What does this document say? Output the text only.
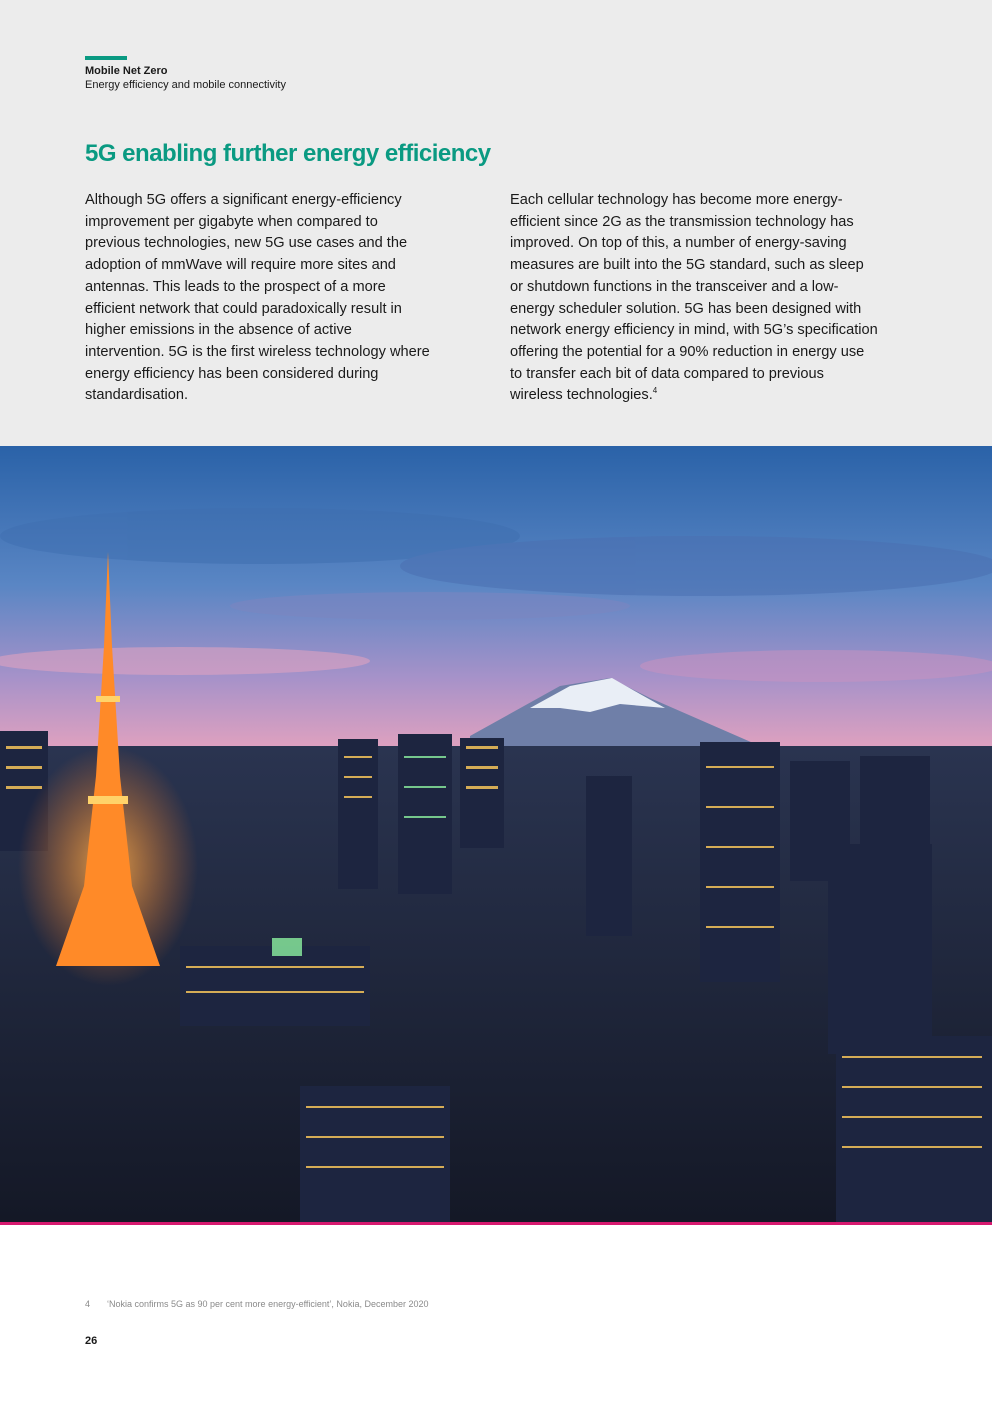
Mobile Net Zero
Energy efficiency and mobile connectivity
5G enabling further energy efficiency

Although 5G offers a significant energy-efficiency improvement per gigabyte when compared to previous technologies, new 5G use cases and the adoption of mmWave will require more sites and antennas. This leads to the prospect of a more efficient network that could paradoxically result in higher emissions in the absence of active intervention. 5G is the first wireless technology where energy efficiency has been considered during standardisation.

Each cellular technology has become more energy-efficient since 2G as the transmission technology has improved. On top of this, a number of energy-saving measures are built into the 5G standard, such as sleep or shutdown functions in the transceiver and a low-energy scheduler solution. 5G has been designed with network energy efficiency in mind, with 5G’s specification offering the potential for a 90% reduction in energy use to transfer each bit of data compared to previous wireless technologies.$^4$

4 ‘Nokia confirms 5G as 90 per cent more energy-efficient’, Nokia, December 2020
26
